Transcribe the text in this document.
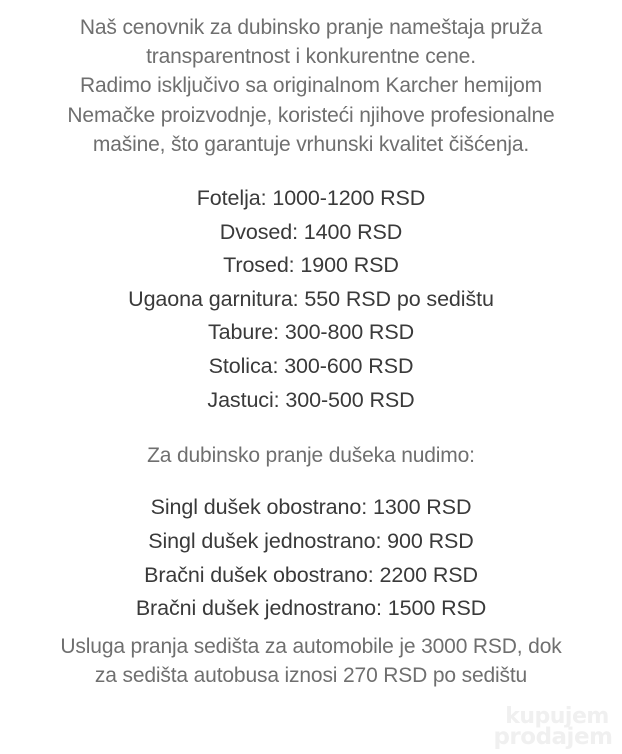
Naš cenovnik za dubinsko pranje nameštaja pruža
transparentnost i konkurentne cene.
Radimo isključivo sa originalnom Karcher hemijom
Nemačke proizvodnje, koristeći njihove profesionalne
mašine, što garantuje vrhunski kvalitet čišćenja.
Fotelja: 1000-1200 RSD
Dvosed: 1400 RSD
Trosed: 1900 RSD
Ugaona garnitura: 550 RSD po sedištu
Tabure: 300-800 RSD
Stolica: 300-600 RSD
Jastuci: 300-500 RSD
Za dubinsko pranje dušeka nudimo:
Singl dušek obostrano: 1300 RSD
Singl dušek jednostrano: 900 RSD
Bračni dušek obostrano: 2200 RSD
Bračni dušek jednostrano: 1500 RSD
Usluga pranja sedišta za automobile je 3000 RSD, dok
za sedišta autobusa iznosi 270 RSD po sedištu
kupujem
prodajem
